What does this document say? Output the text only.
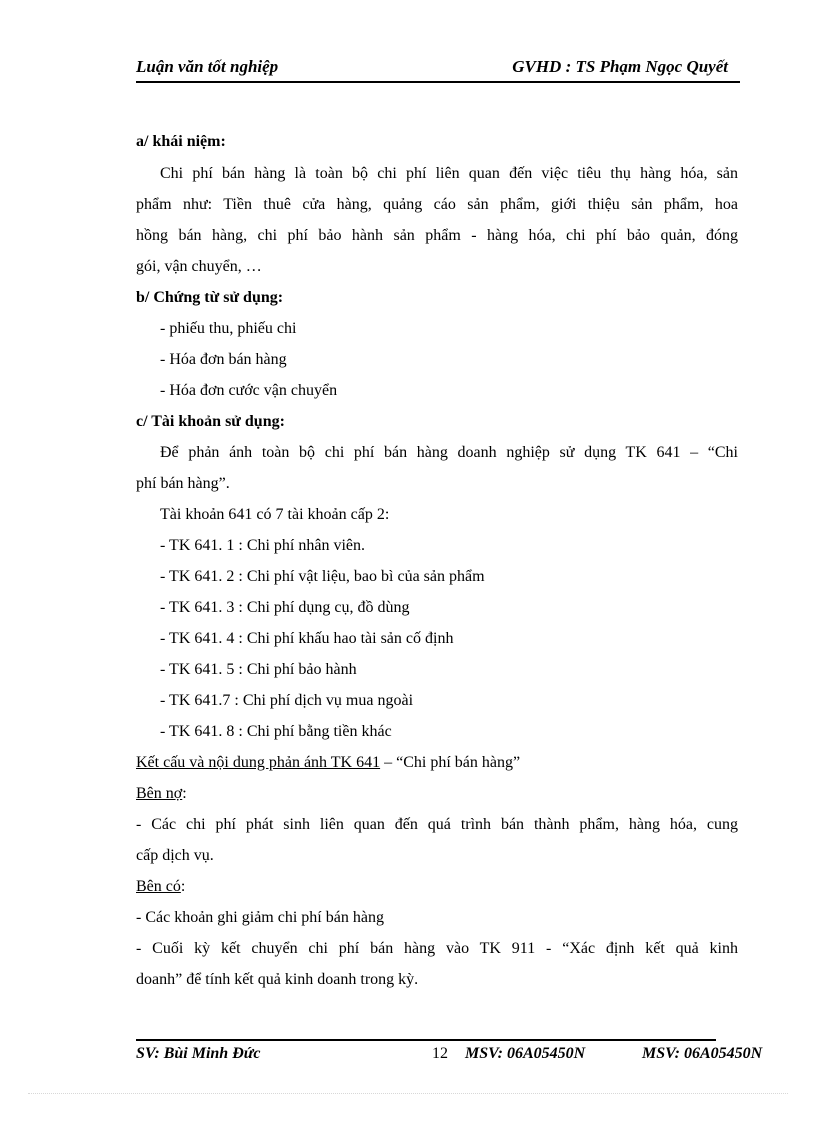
Luận văn tốt nghiệp	GVHD : TS Phạm Ngọc Quyết
a/ khái niệm:
Chi phí bán hàng là toàn bộ chi phí liên quan đến việc tiêu thụ hàng hóa, sản
phẩm như: Tiền thuê cửa hàng, quảng cáo sản phẩm, giới thiệu sản phẩm, hoa
hồng bán hàng, chi phí bảo hành sản phẩm - hàng hóa, chi phí bảo quản, đóng
gói, vận chuyển, …
b/ Chứng từ sử dụng:
- phiếu thu, phiếu chi
- Hóa đơn bán hàng
- Hóa đơn cước vận chuyển
c/ Tài khoản sử dụng:
Để phản ánh toàn bộ chi phí bán hàng doanh nghiệp sử dụng TK 641 – “Chi
phí bán hàng”.
Tài khoản 641 có 7 tài khoản cấp 2:
- TK 641. 1 : Chi phí nhân viên.
- TK 641. 2 : Chi phí vật liệu, bao bì của sản phẩm
- TK 641. 3 : Chi phí dụng cụ, đồ dùng
- TK 641. 4 : Chi phí khấu hao tài sản cố định
- TK 641. 5 : Chi phí bảo hành
- TK 641.7 : Chi phí dịch vụ mua ngoài
- TK 641. 8 : Chi phí bằng tiền khác
Kết cấu và nội dung phản ánh TK 641 – “Chi phí bán hàng”
Bên nợ:
- Các chi phí phát sinh liên quan đến quá trình bán thành phẩm, hàng hóa, cung
cấp dịch vụ.
Bên có:
- Các khoản ghi giảm chi phí bán hàng
- Cuối kỳ kết chuyển chi phí bán hàng vào TK 911 - “Xác định kết quả kinh
doanh” để tính kết quả kinh doanh trong kỳ.
SV: Bùi Minh Đức	12 MSV: 06A05450N	MSV: 06A05450N
